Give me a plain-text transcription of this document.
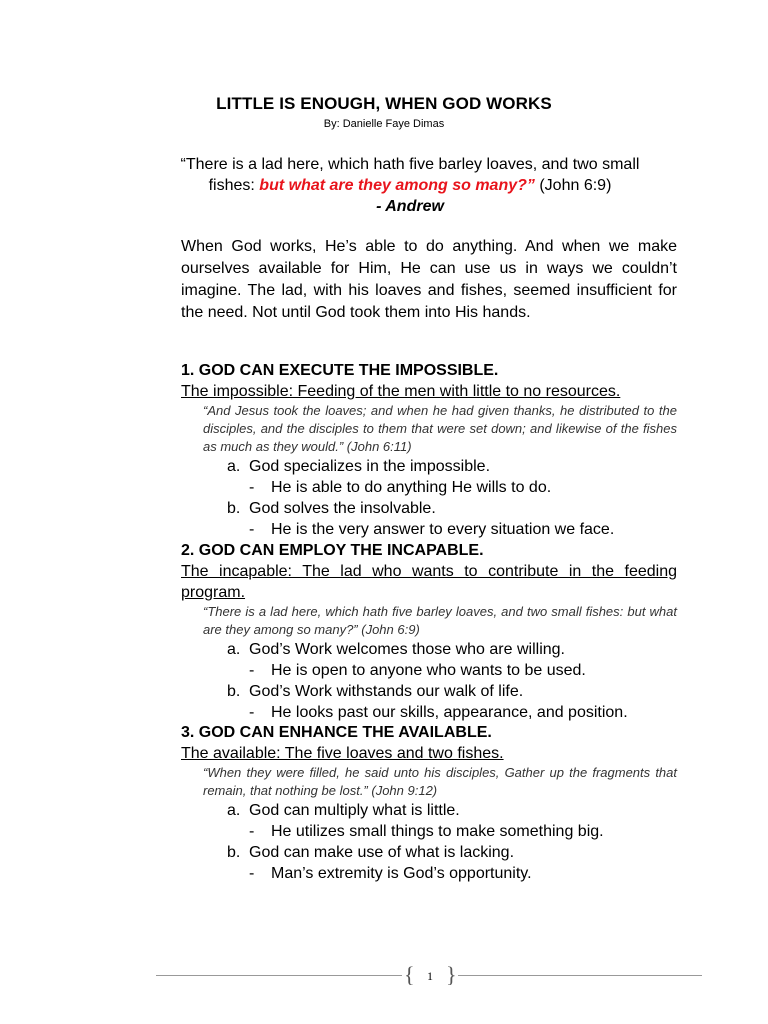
LITTLE IS ENOUGH, WHEN GOD WORKS
By: Danielle Faye Dimas
“There is a lad here, which hath five barley loaves, and two small fishes: but what are they among so many?” (John 6:9)
- Andrew
When God works, He’s able to do anything. And when we make ourselves available for Him, He can use us in ways we couldn’t imagine. The lad, with his loaves and fishes, seemed insufficient for the need. Not until God took them into His hands.
1. GOD CAN EXECUTE THE IMPOSSIBLE.
The impossible: Feeding of the men with little to no resources.
“And Jesus took the loaves; and when he had given thanks, he distributed to the disciples, and the disciples to them that were set down; and likewise of the fishes as much as they would.” (John 6:11)
a. God specializes in the impossible.
- He is able to do anything He wills to do.
b. God solves the insolvable.
- He is the very answer to every situation we face.
2. GOD CAN EMPLOY THE INCAPABLE.
The incapable: The lad who wants to contribute in the feeding program.
“There is a lad here, which hath five barley loaves, and two small fishes: but what are they among so many?” (John 6:9)
a. God’s Work welcomes those who are willing.
- He is open to anyone who wants to be used.
b. God’s Work withstands our walk of life.
- He looks past our skills, appearance, and position.
3. GOD CAN ENHANCE THE AVAILABLE.
The available: The five loaves and two fishes.
“When they were filled, he said unto his disciples, Gather up the fragments that remain, that nothing be lost.” (John 9:12)
a. God can multiply what is little.
- He utilizes small things to make something big.
b. God can make use of what is lacking.
- Man’s extremity is God’s opportunity.
{	1 }
